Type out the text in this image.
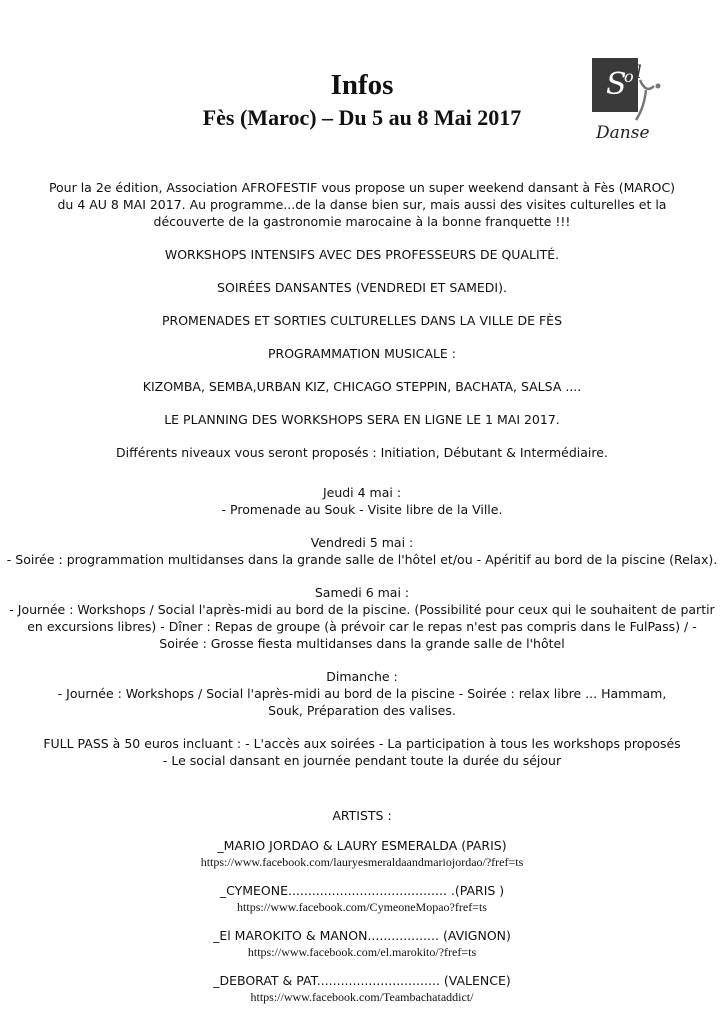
Infos
Fès (Maroc) – Du 5 au 8 Mai 2017
S
o l
Danse

Pour la 2e édition, Association AFROFESTIF vous propose un super weekend dansant à Fès (MAROC) du 4 AU 8 MAI 2017. Au programme...de la danse bien sur, mais aussi des visites culturelles et la découverte de la gastronomie marocaine à la bonne franquette !!!

WORKSHOPS INTENSIFS AVEC DES PROFESSEURS DE QUALITÉ.

SOIRÉES DANSANTES (VENDREDI ET SAMEDI).

PROMENADES ET SORTIES CULTURELLES DANS LA VILLE DE FÈS

PROGRAMMATION MUSICALE :

KIZOMBA, SEMBA,URBAN KIZ, CHICAGO STEPPIN, BACHATA, SALSA ....

LE PLANNING DES WORKSHOPS SERA EN LIGNE LE 1 MAI 2017.

Différents niveaux vous seront proposés : Initiation, Débutant & Intermédiaire.

Jeudi 4 mai :

- Promenade au Souk - Visite libre de la Ville.

Vendredi 5 mai :

- Soirée : programmation multidanses dans la grande salle de l'hôtel et/ou - Apéritif au bord de la piscine (Relax).

Samedi 6 mai :

- Journée : Workshops / Social l'après-midi au bord de la piscine. (Possibilité pour ceux qui le souhaitent de partir en excursions libres) - Dîner : Repas de groupe (à prévoir car le repas n'est pas compris dans le FulPass) / - Soirée : Grosse fiesta multidanses dans la grande salle de l'hôtel

Dimanche :

- Journée : Workshops / Social l'après-midi au bord de la piscine - Soirée : relax libre ... Hammam, Souk, Préparation des valises.

FULL PASS à 50 euros incluant : - L'accès aux soirées - La participation à tous les workshops proposés - Le social dansant en journée pendant toute la durée du séjour

ARTISTS :

_MARIO JORDAO & LAURY ESMERALDA (PARIS)
https://www.facebook.com/lauryesmeraldaandmariojordao/?fref=ts
_CYMEONE........................................ .(PARIS )
https://www.facebook.com/CymeoneMopao?fref=ts
_El MAROKITO & MANON.................. (AVIGNON)
https://www.facebook.com/el.marokito/?fref=ts
_DEBORAT & PAT............................... (VALENCE)
https://www.facebook.com/Teambachataddict/
